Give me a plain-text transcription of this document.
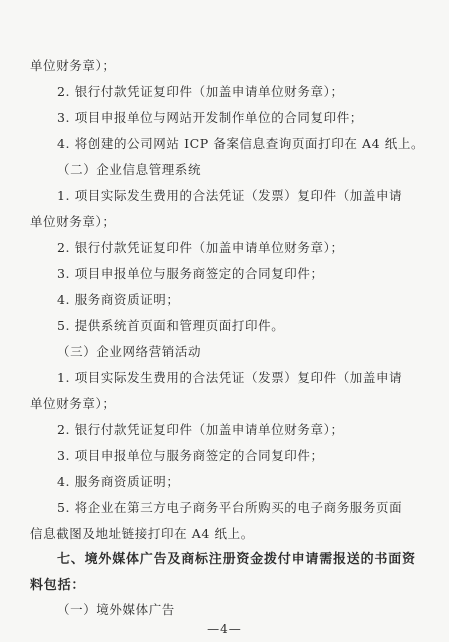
单位财务章）；
2. 银行付款凭证复印件（加盖申请单位财务章）；
3. 项目申报单位与网站开发制作单位的合同复印件；
4. 将创建的公司网站 ICP 备案信息查询页面打印在 A4 纸上。
（二）企业信息管理系统
1. 项目实际发生费用的合法凭证（发票）复印件（加盖申请
单位财务章）；
2. 银行付款凭证复印件（加盖申请单位财务章）；
3. 项目申报单位与服务商签定的合同复印件；
4. 服务商资质证明；
5. 提供系统首页面和管理页面打印件。
（三）企业网络营销活动
1. 项目实际发生费用的合法凭证（发票）复印件（加盖申请
单位财务章）；
2. 银行付款凭证复印件（加盖申请单位财务章）；
3. 项目申报单位与服务商签定的合同复印件；
4. 服务商资质证明；
5. 将企业在第三方电子商务平台所购买的电子商务服务页面
信息截图及地址链接打印在 A4 纸上。
七、境外媒体广告及商标注册资金拨付申请需报送的书面资
料包括：
（一）境外媒体广告
—4—
